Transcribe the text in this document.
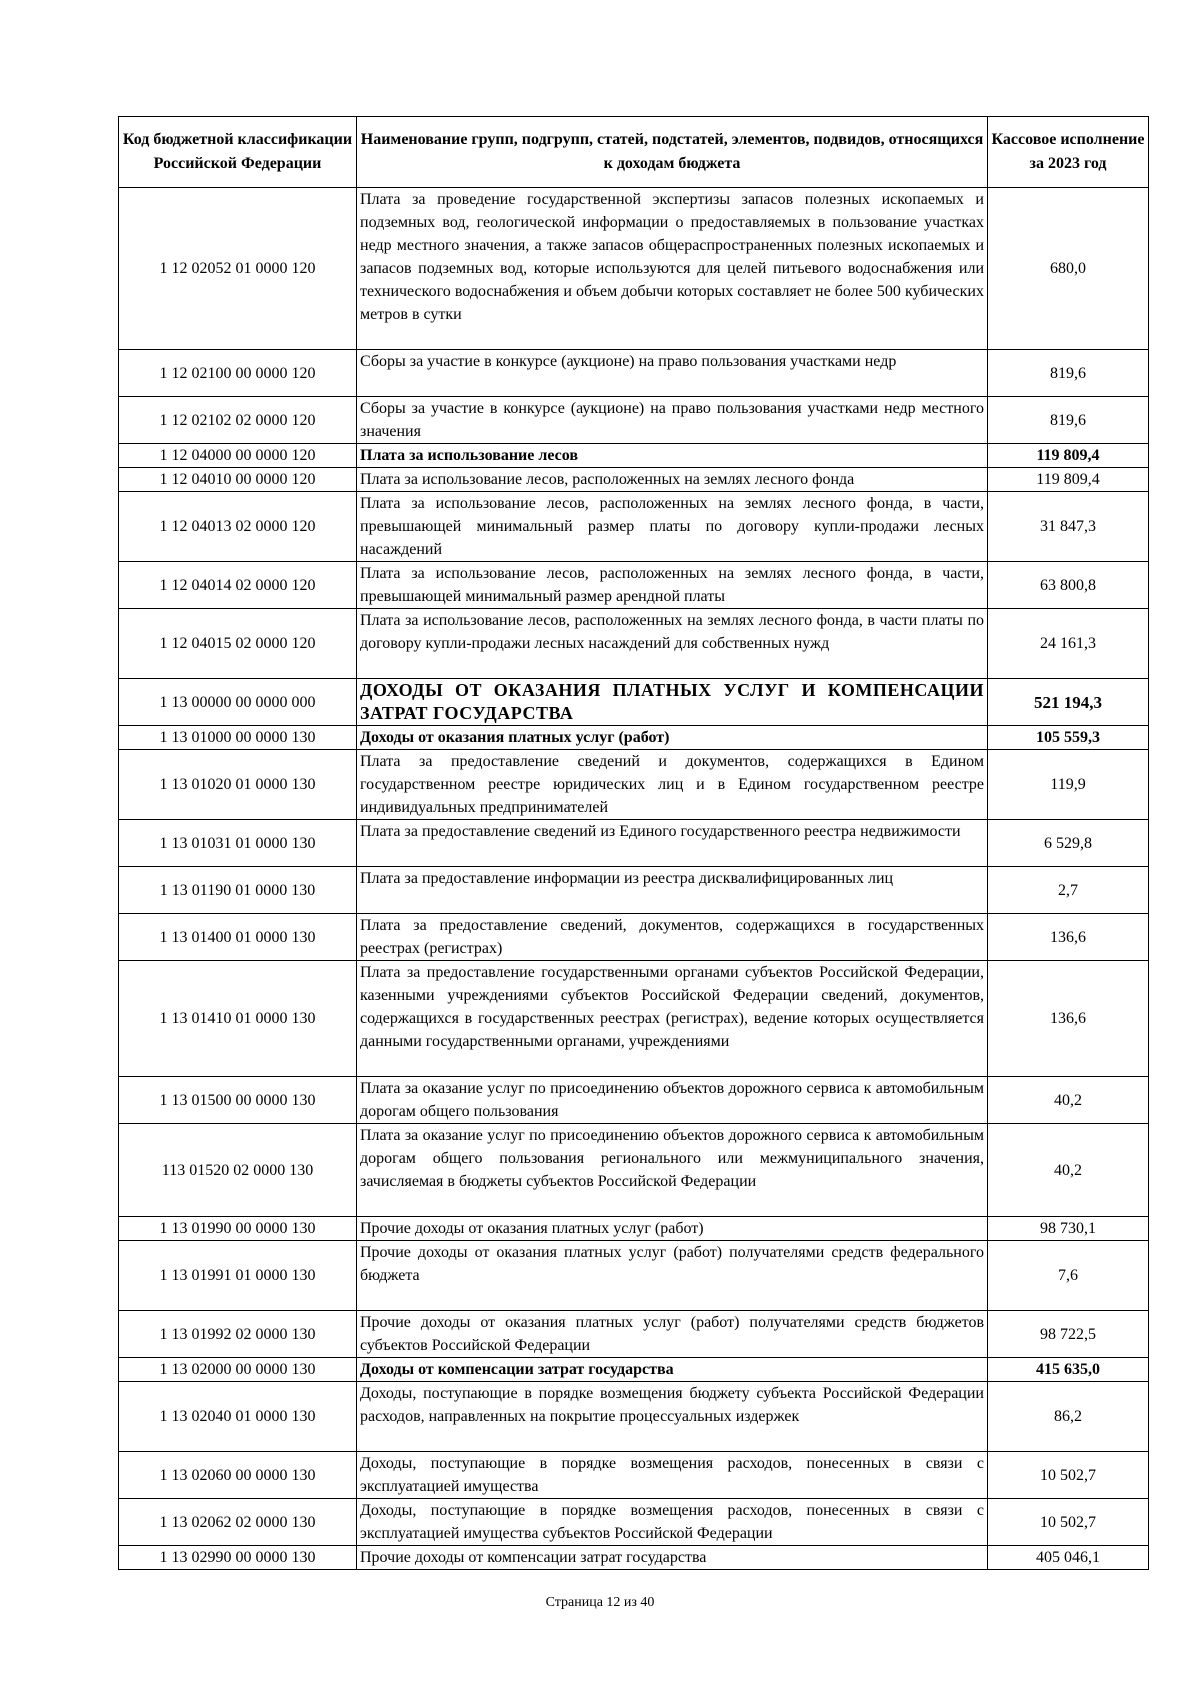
Код бюджетной классификации Российской Федерации	Наименование групп, подгрупп, статей, подстатей, элементов, подвидов, относящихся к доходам бюджета	Кассовое исполнение за 2023 год
1 12 02052 01 0000 120	Плата за проведение государственной экспертизы запасов полезных ископаемых и подземных вод, геологической информации о предоставляемых в пользование участках недр местного значения, а также запасов общераспространенных полезных ископаемых и запасов подземных вод, которые используются для целей питьевого водоснабжения или технического водоснабжения и объем добычи которых составляет не более 500 кубических метров в сутки	680,0
1 12 02100 00 0000 120	Сборы за участие в конкурсе (аукционе) на право пользования участками недр	819,6
1 12 02102 02 0000 120	Сборы за участие в конкурсе (аукционе) на право пользования участками недр местного значения	819,6
1 12 04000 00 0000 120	Плата за использование лесов	119 809,4
1 12 04010 00 0000 120	Плата за использование лесов, расположенных на землях лесного фонда	119 809,4
1 12 04013 02 0000 120	Плата за использование лесов, расположенных на землях лесного фонда, в части, превышающей минимальный размер платы по договору купли-продажи лесных насаждений	31 847,3
1 12 04014 02 0000 120	Плата за использование лесов, расположенных на землях лесного фонда, в части, превышающей минимальный размер арендной платы	63 800,8
1 12 04015 02 0000 120	Плата за использование лесов, расположенных на землях лесного фонда, в части платы по договору купли-продажи лесных насаждений для собственных нужд	24 161,3
1 13 00000 00 0000 000	ДОХОДЫ ОТ ОКАЗАНИЯ ПЛАТНЫХ УСЛУГ И КОМПЕНСАЦИИ ЗАТРАТ ГОСУДАРСТВА	521 194,3
1 13 01000 00 0000 130	Доходы от оказания платных услуг (работ)	105 559,3
1 13 01020 01 0000 130	Плата за предоставление сведений и документов, содержащихся в Едином государственном реестре юридических лиц и в Едином государственном реестре индивидуальных предпринимателей	119,9
1 13 01031 01 0000 130	Плата за предоставление сведений из Единого государственного реестра недвижимости	6 529,8
1 13 01190 01 0000 130	Плата за предоставление информации из реестра дисквалифицированных лиц	2,7
1 13 01400 01 0000 130	Плата за предоставление сведений, документов, содержащихся в государственных реестрах (регистрах)	136,6
1 13 01410 01 0000 130	Плата за предоставление государственными органами субъектов Российской Федерации, казенными учреждениями субъектов Российской Федерации сведений, документов, содержащихся в государственных реестрах (регистрах), ведение которых осуществляется данными государственными органами, учреждениями	136,6
1 13 01500 00 0000 130	Плата за оказание услуг по присоединению объектов дорожного сервиса к автомобильным дорогам общего пользования	40,2
113 01520 02 0000 130	Плата за оказание услуг по присоединению объектов дорожного сервиса к автомобильным дорогам общего пользования регионального или межмуниципального значения, зачисляемая в бюджеты субъектов Российской Федерации	40,2
1 13 01990 00 0000 130	Прочие доходы от оказания платных услуг (работ)	98 730,1
1 13 01991 01 0000 130	Прочие доходы от оказания платных услуг (работ) получателями средств федерального бюджета	7,6
1 13 01992 02 0000 130	Прочие доходы от оказания платных услуг (работ) получателями средств бюджетов субъектов Российской Федерации	98 722,5
1 13 02000 00 0000 130	Доходы от компенсации затрат государства	415 635,0
1 13 02040 01 0000 130	Доходы, поступающие в порядке возмещения бюджету субъекта Российской Федерации расходов, направленных на покрытие процессуальных издержек	86,2
1 13 02060 00 0000 130	Доходы, поступающие в порядке возмещения расходов, понесенных в связи с эксплуатацией имущества	10 502,7
1 13 02062 02 0000 130	Доходы, поступающие в порядке возмещения расходов, понесенных в связи с эксплуатацией имущества субъектов Российской Федерации	10 502,7
1 13 02990 00 0000 130	Прочие доходы от компенсации затрат государства	405 046,1
Страница 12 из 40
